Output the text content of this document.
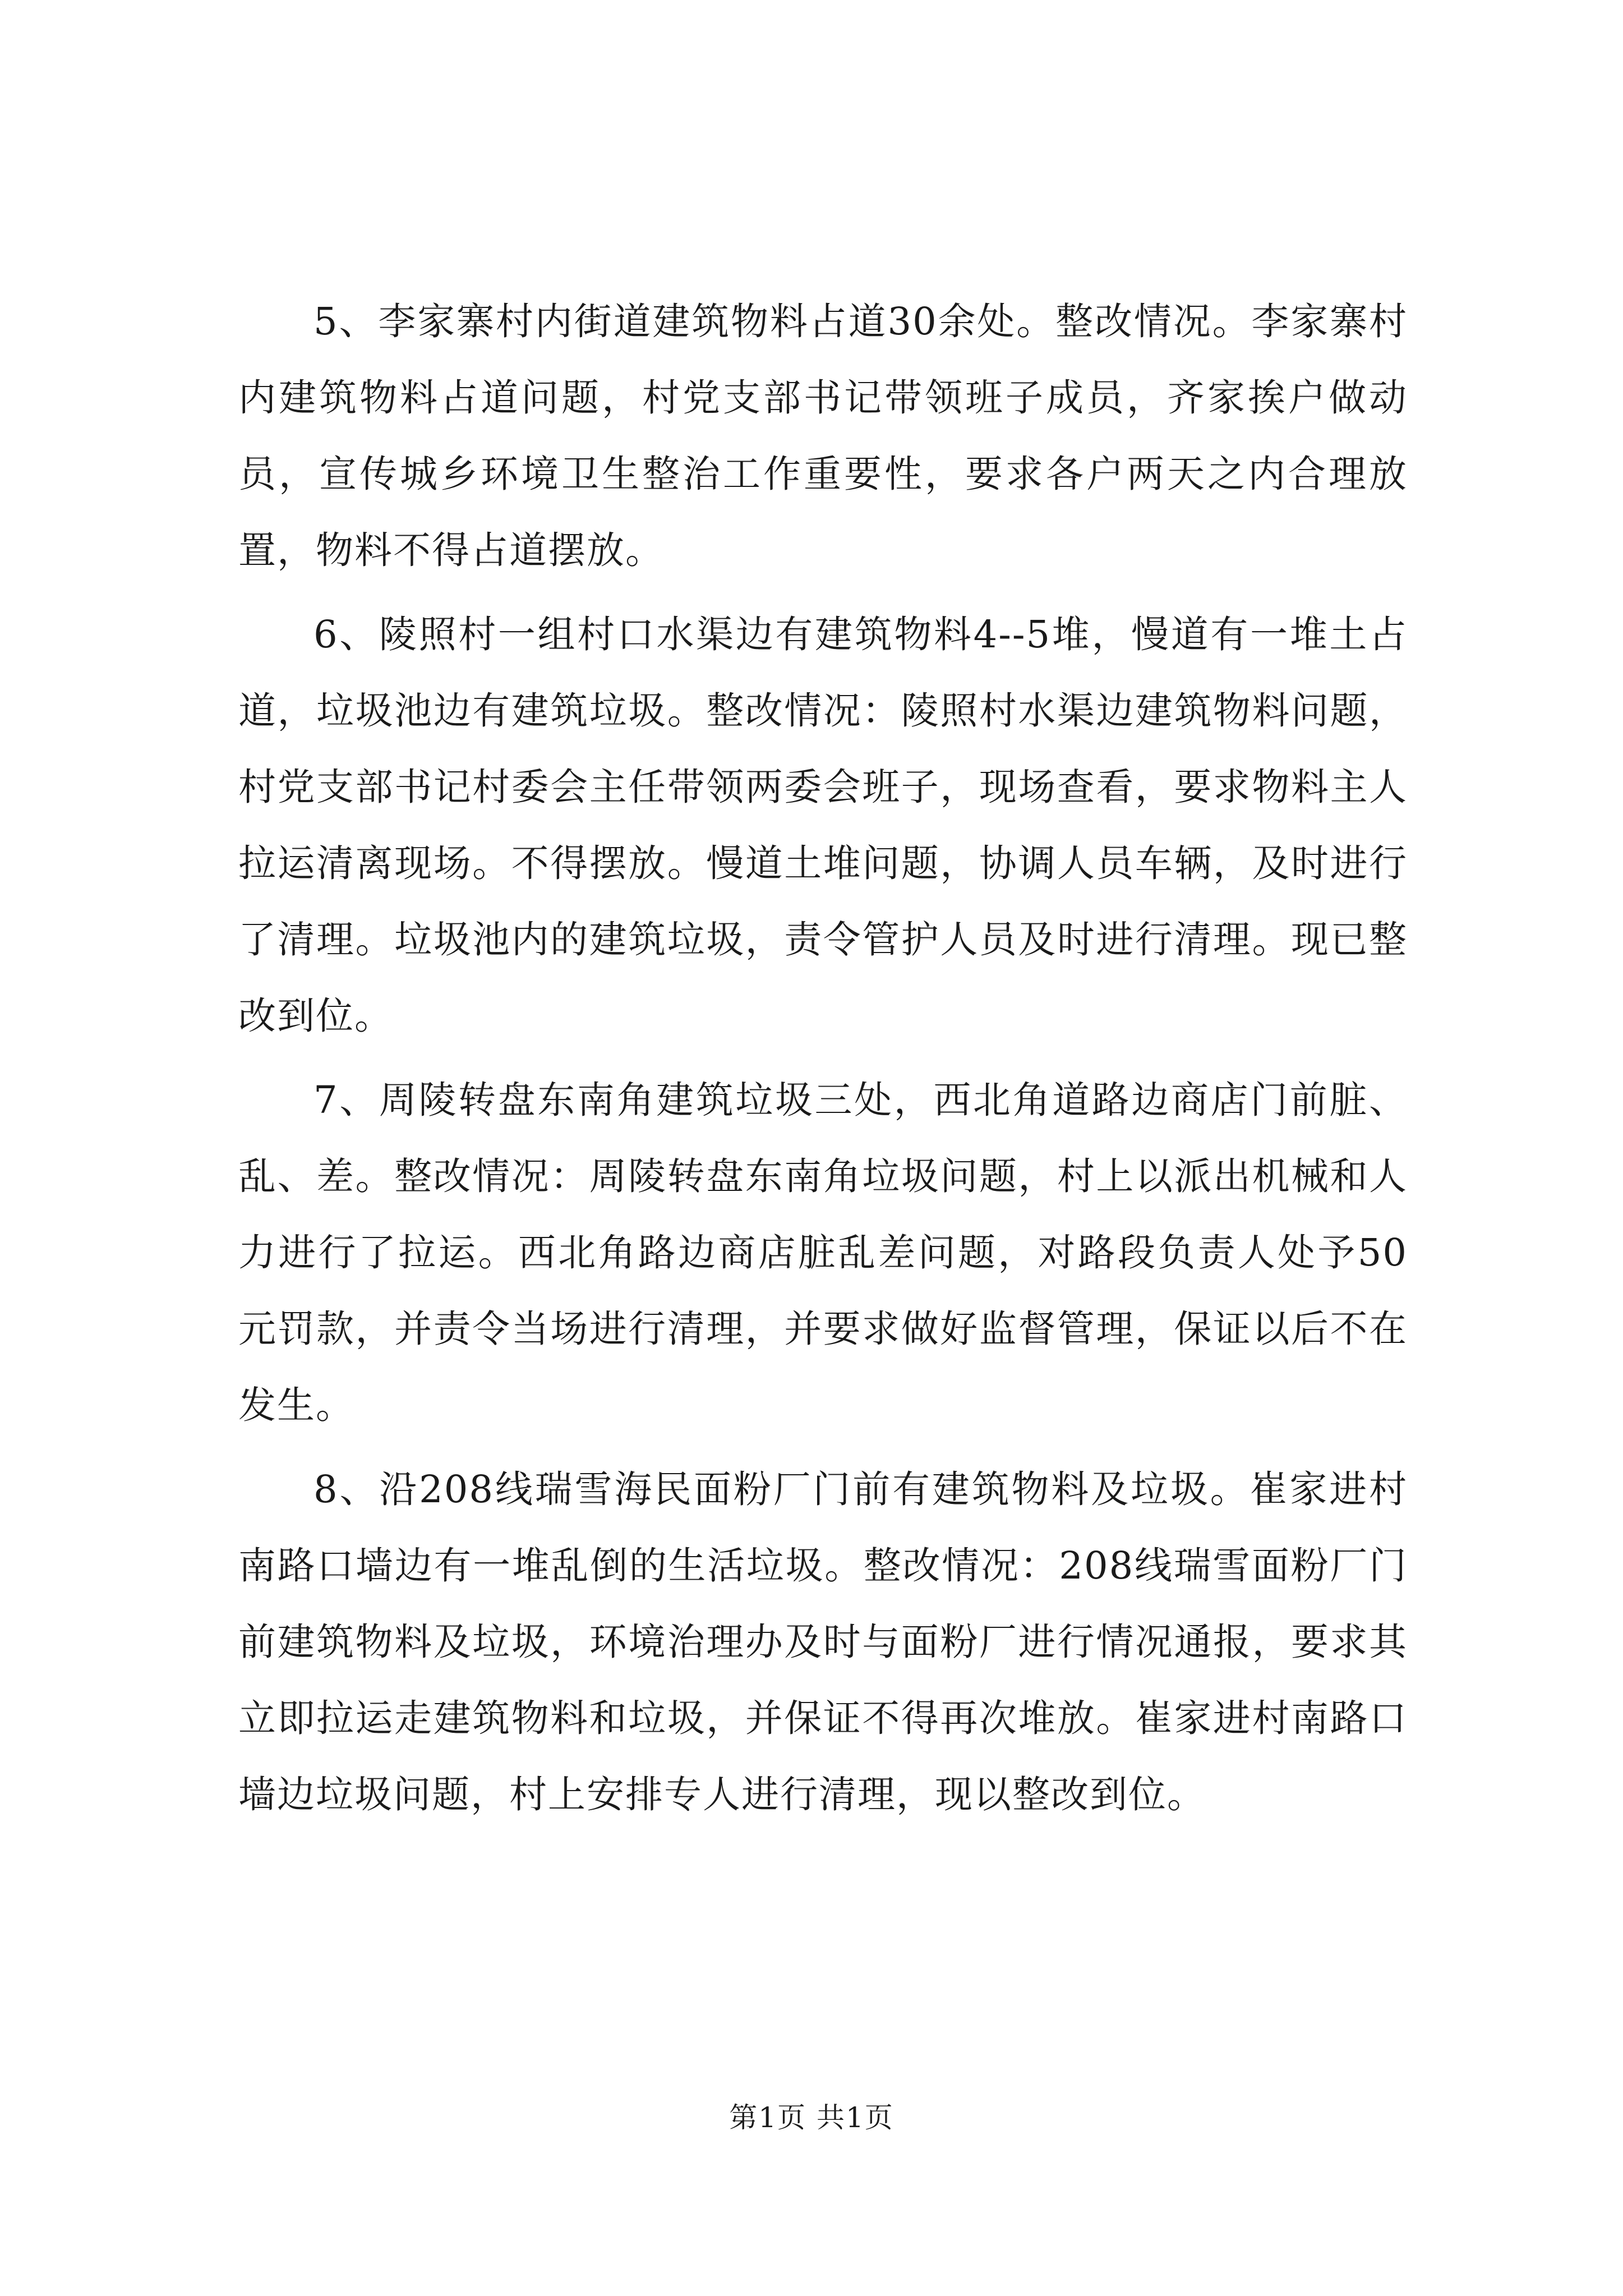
5、李家寨村内街道建筑物料占道30余处。整改情况。李家寨村内建筑物料占道问题，村党支部书记带领班子成员，齐家挨户做动员，宣传城乡环境卫生整治工作重要性，要求各户两天之内合理放置，物料不得占道摆放。

6、陵照村一组村口水渠边有建筑物料4--5堆，慢道有一堆土占道，垃圾池边有建筑垃圾。整改情况：陵照村水渠边建筑物料问题，村党支部书记村委会主任带领两委会班子，现场查看，要求物料主人拉运清离现场。不得摆放。慢道土堆问题，协调人员车辆，及时进行了清理。垃圾池内的建筑垃圾，责令管护人员及时进行清理。现已整改到位。

7、周陵转盘东南角建筑垃圾三处，西北角道路边商店门前脏、乱、差。整改情况：周陵转盘东南角垃圾问题，村上以派出机械和人力进行了拉运。西北角路边商店脏乱差问题，对路段负责人处予50元罚款，并责令当场进行清理，并要求做好监督管理，保证以后不在发生。

8、沿208线瑞雪海民面粉厂门前有建筑物料及垃圾。崔家进村南路口墙边有一堆乱倒的生活垃圾。整改情况：208线瑞雪面粉厂门前建筑物料及垃圾，环境治理办及时与面粉厂进行情况通报，要求其立即拉运走建筑物料和垃圾，并保证不得再次堆放。崔家进村南路口墙边垃圾问题，村上安排专人进行清理，现以整改到位。

第1页 共1页
